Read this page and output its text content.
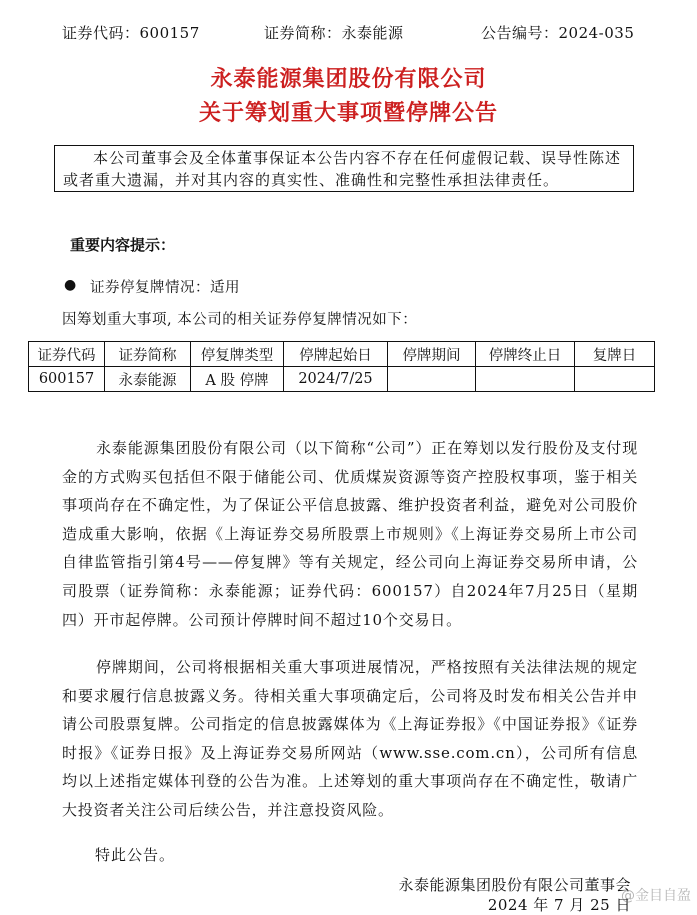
证券代码：600157	证券简称：永泰能源	公告编号：2024-035
永泰能源集团股份有限公司
关于筹划重大事项暨停牌公告
本公司董事会及全体董事保证本公告内容不存在任何虚假记载、误导性陈述或者重大遗漏，并对其内容的真实性、准确性和完整性承担法律责任。
重要内容提示：
● 证券停复牌情况：适用
因筹划重大事项, 本公司的相关证券停复牌情况如下：
证券代码	证券简称	停复牌类型	停牌起始日	停牌期间	停牌终止日	复牌日
600157	永泰能源	A 股 停牌	2024/7/25			
永泰能源集团股份有限公司（以下简称“公司”）正在筹划以发行股份及支付现金的方式购买包括但不限于储能公司、优质煤炭资源等资产控股权事项，鉴于相关事项尚存在不确定性，为了保证公平信息披露、维护投资者利益，避免对公司股价造成重大影响，依据《上海证券交易所股票上市规则》《上海证券交易所上市公司自律监管指引第4号——停复牌》等有关规定，经公司向上海证券交易所申请，公司股票（证券简称：永泰能源；证券代码：600157）自2024年7月25日（星期四）开市起停牌。公司预计停牌时间不超过10个交易日。
停牌期间，公司将根据相关重大事项进展情况，严格按照有关法律法规的规定和要求履行信息披露义务。待相关重大事项确定后，公司将及时发布相关公告并申请公司股票复牌。公司指定的信息披露媒体为《上海证券报》《中国证券报》《证券时报》《证券日报》及上海证券交易所网站（www.sse.com.cn），公司所有信息均以上述指定媒体刊登的公告为准。上述筹划的重大事项尚存在不确定性，敬请广大投资者关注公司后续公告，并注意投资风险。
特此公告。
永泰能源集团股份有限公司董事会
2024 年 7 月 25 日
@金目自盈
